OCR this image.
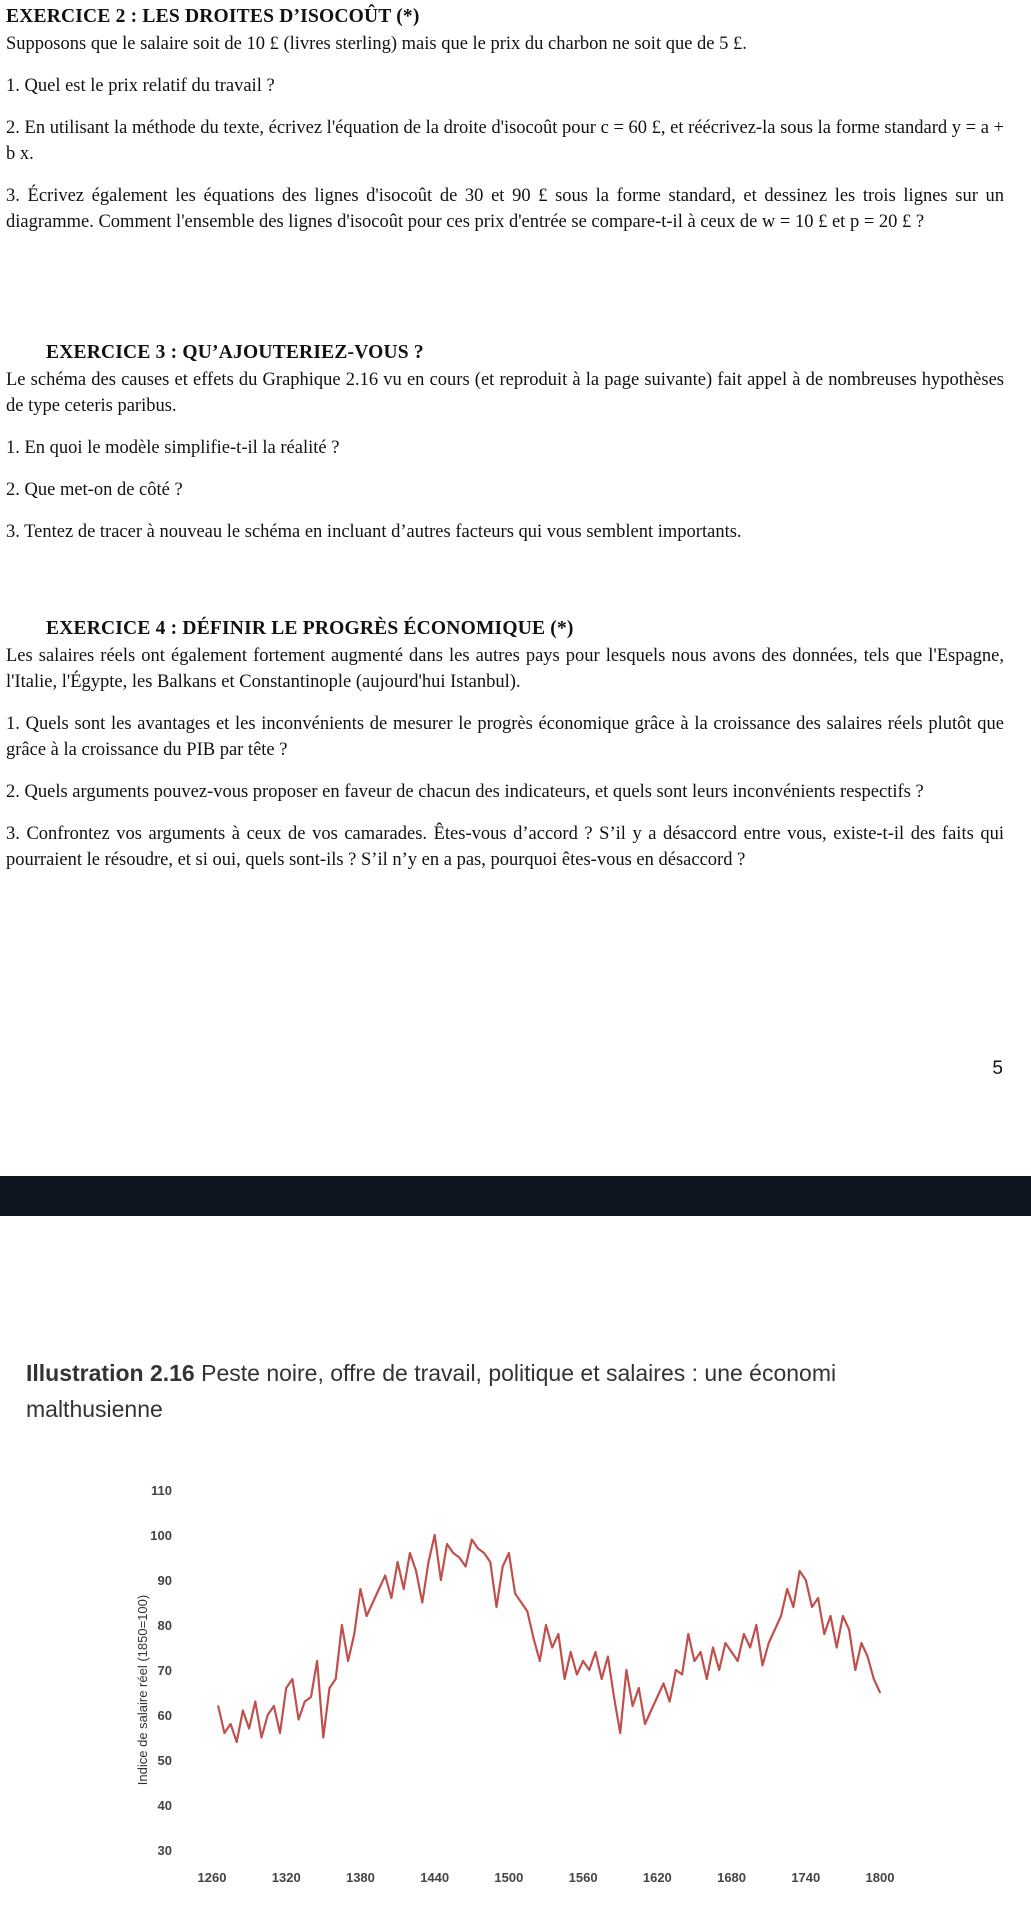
EXERCICE 2 : LES DROITES D’ISOCOÛT (*)

Supposons que le salaire soit de 10 £ (livres sterling) mais que le prix du charbon ne soit que de 5 £.

1. Quel est le prix relatif du travail ?

2. En utilisant la méthode du texte, écrivez l'équation de la droite d'isocoût pour c = 60 £, et réécrivez-la sous la forme standard y = a + b x.

3. Écrivez également les équations des lignes d'isocoût de 30 et 90 £ sous la forme standard, et dessinez les trois lignes sur un diagramme. Comment l'ensemble des lignes d'isocoût pour ces prix d'entrée se compare-t-il à ceux de w = 10 £ et p = 20 £ ?

EXERCICE 3 : QU’AJOUTERIEZ-VOUS ?

Le schéma des causes et effets du Graphique 2.16 vu en cours (et reproduit à la page suivante) fait appel à de nombreuses hypothèses de type ceteris paribus.

1. En quoi le modèle simplifie-t-il la réalité ?

2. Que met-on de côté ?

3. Tentez de tracer à nouveau le schéma en incluant d’autres facteurs qui vous semblent importants.

EXERCICE 4 : DÉFINIR LE PROGRÈS ÉCONOMIQUE (*)

Les salaires réels ont également fortement augmenté dans les autres pays pour lesquels nous avons des données, tels que l'Espagne, l'Italie, l'Égypte, les Balkans et Constantinople (aujourd'hui Istanbul).

1. Quels sont les avantages et les inconvénients de mesurer le progrès économique grâce à la croissance des salaires réels plutôt que grâce à la croissance du PIB par tête ?

2. Quels arguments pouvez-vous proposer en faveur de chacun des indicateurs, et quels sont leurs inconvénients respectifs ?

3. Confrontez vos arguments à ceux de vos camarades. Êtes-vous d’accord ? S’il y a désaccord entre vous, existe-t-il des faits qui pourraient le résoudre, et si oui, quels sont-ils ? S’il n’y en a pas, pourquoi êtes-vous en désaccord ?

5
Illustration 2.16 Peste noire, offre de travail, politique et salaires : une économi
malthusienne
30
40
50
60
70
80
90
100
110
1260	1320	1380	1440	1500	1560	1620	1680	1740	1800
Indice de salaire réel (1850=100)
